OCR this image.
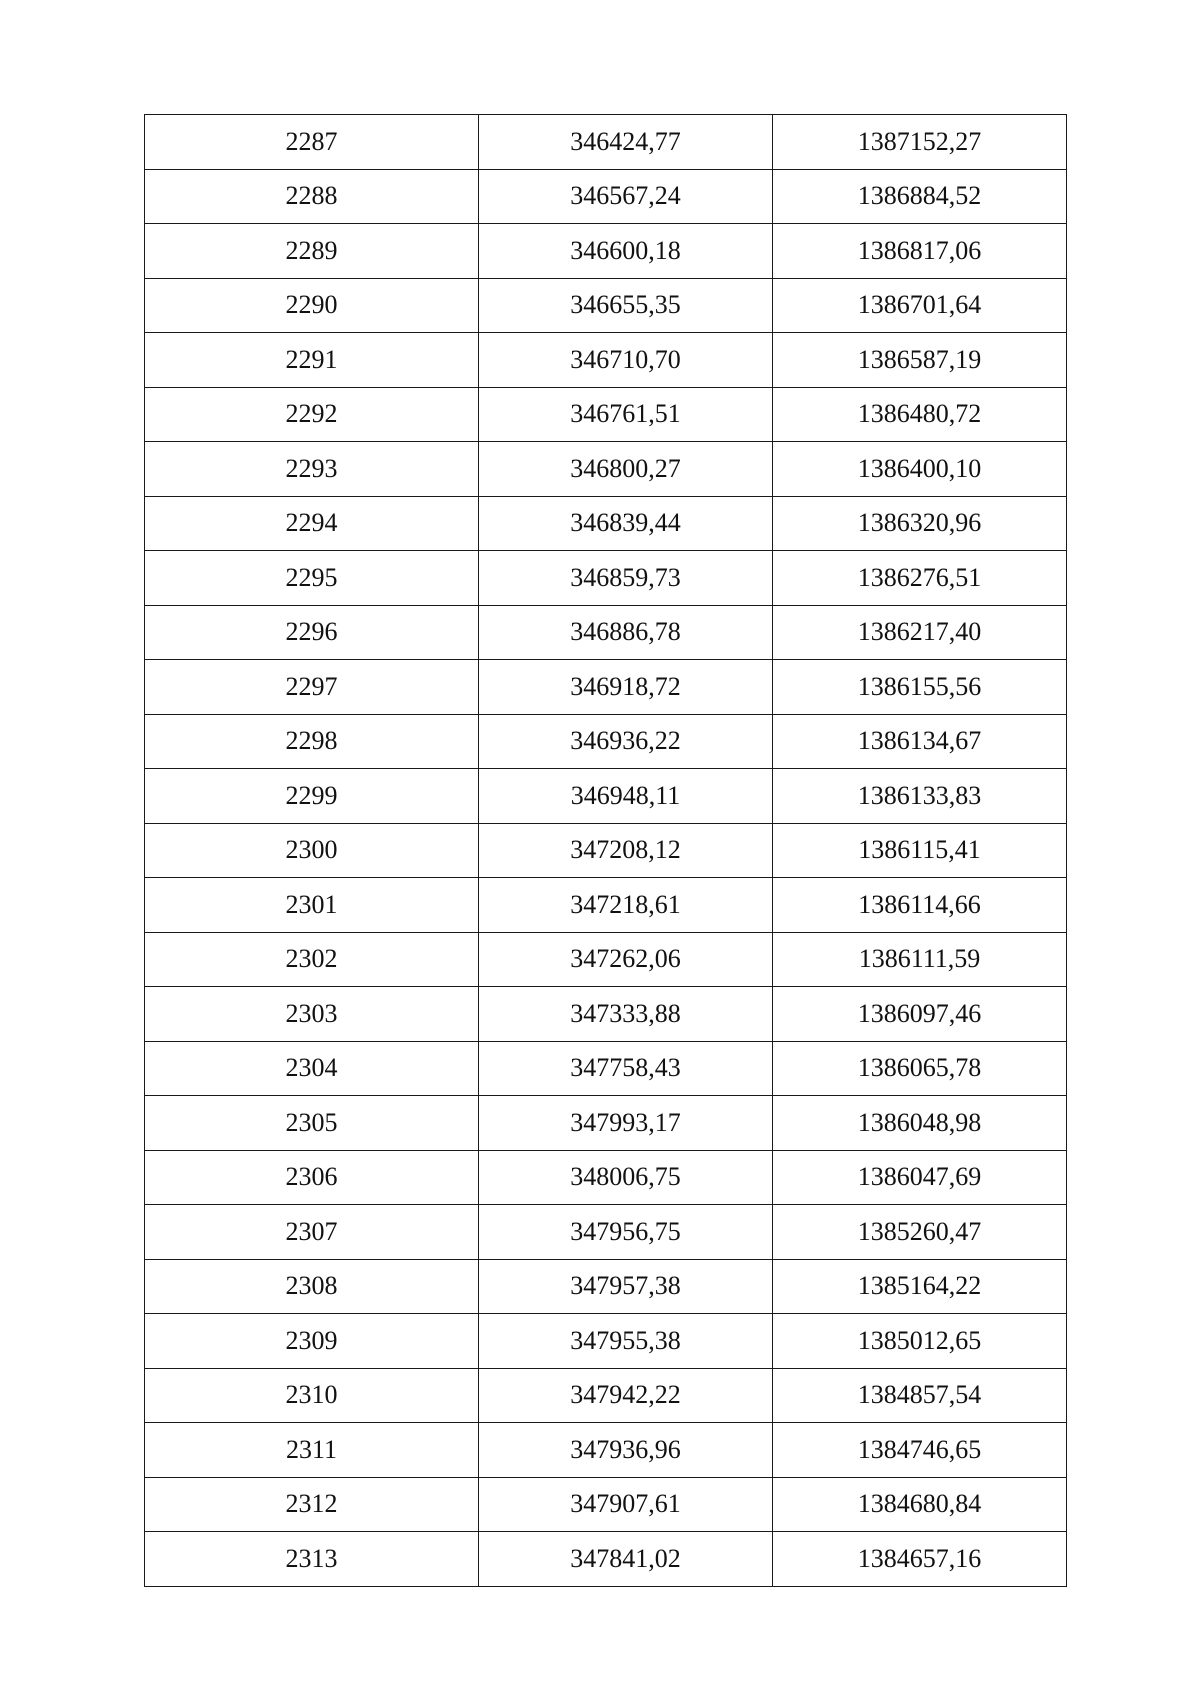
2287	346424,77	1387152,27
2288	346567,24	1386884,52
2289	346600,18	1386817,06
2290	346655,35	1386701,64
2291	346710,70	1386587,19
2292	346761,51	1386480,72
2293	346800,27	1386400,10
2294	346839,44	1386320,96
2295	346859,73	1386276,51
2296	346886,78	1386217,40
2297	346918,72	1386155,56
2298	346936,22	1386134,67
2299	346948,11	1386133,83
2300	347208,12	1386115,41
2301	347218,61	1386114,66
2302	347262,06	1386111,59
2303	347333,88	1386097,46
2304	347758,43	1386065,78
2305	347993,17	1386048,98
2306	348006,75	1386047,69
2307	347956,75	1385260,47
2308	347957,38	1385164,22
2309	347955,38	1385012,65
2310	347942,22	1384857,54
2311	347936,96	1384746,65
2312	347907,61	1384680,84
2313	347841,02	1384657,16
